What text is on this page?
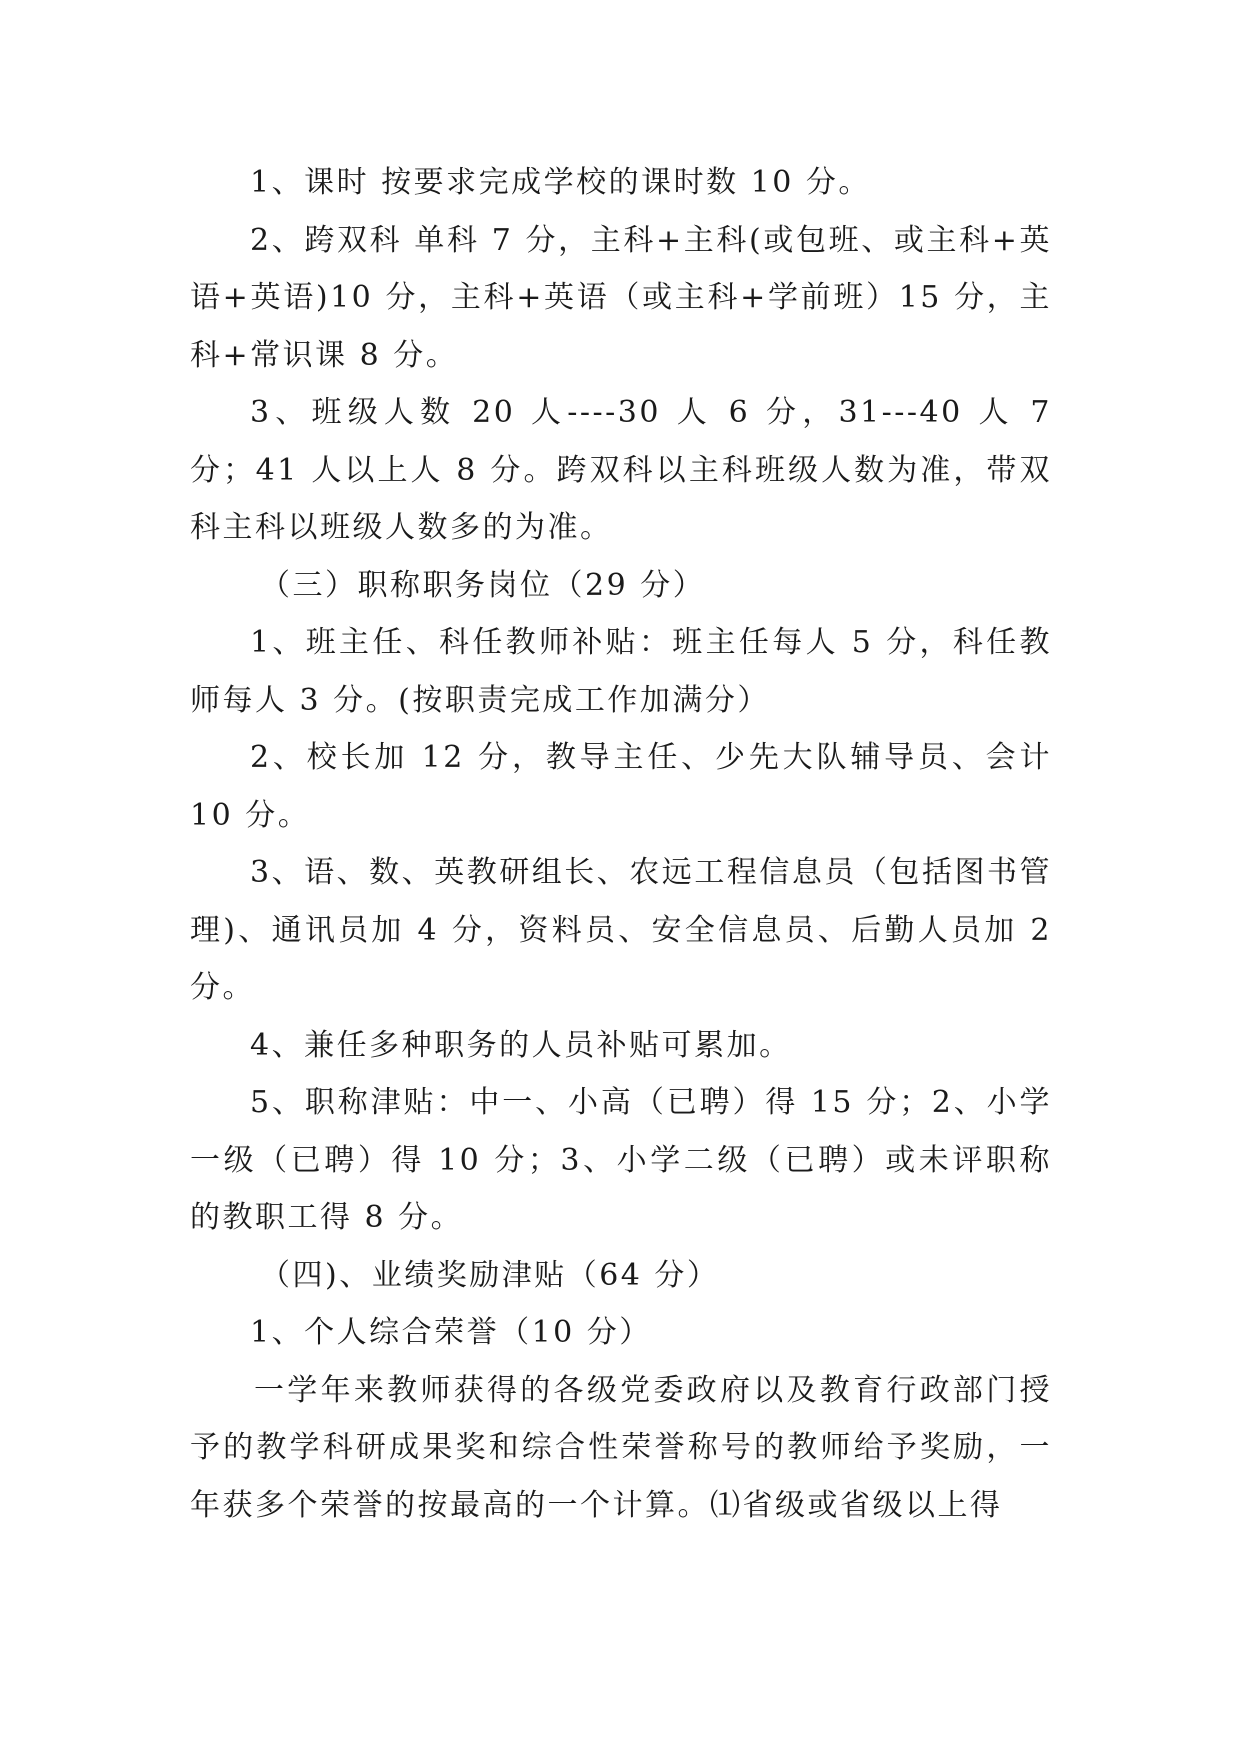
1、课时 按要求完成学校的课时数 10 分。

2、跨双科 单科 7 分，主科+主科(或包班、或主科+英语+英语)10 分，主科+英语（或主科+学前班）15 分，主科+常识课 8 分。

3、班级人数 20 人----30 人 6 分，31---40 人 7 分；41 人以上人 8 分。跨双科以主科班级人数为准，带双科主科以班级人数多的为准。

（三）职称职务岗位（29 分）

1、班主任、科任教师补贴：班主任每人 5 分，科任教师每人 3 分。(按职责完成工作加满分）

2、校长加 12 分，教导主任、少先大队辅导员、会计 10 分。

3、语、数、英教研组长、农远工程信息员（包括图书管理)、通讯员加 4 分，资料员、安全信息员、后勤人员加 2 分。

4、兼任多种职务的人员补贴可累加。

5、职称津贴：中一、小高（已聘）得 15 分；2、小学一级（已聘）得 10 分；3、小学二级（已聘）或未评职称的教职工得 8 分。

（四)、业绩奖励津贴（64 分）

1、个人综合荣誉（10 分）

一学年来教师获得的各级党委政府以及教育行政部门授予的教学科研成果奖和综合性荣誉称号的教师给予奖励，一年获多个荣誉的按最高的一个计算。⑴省级或省级以上得
